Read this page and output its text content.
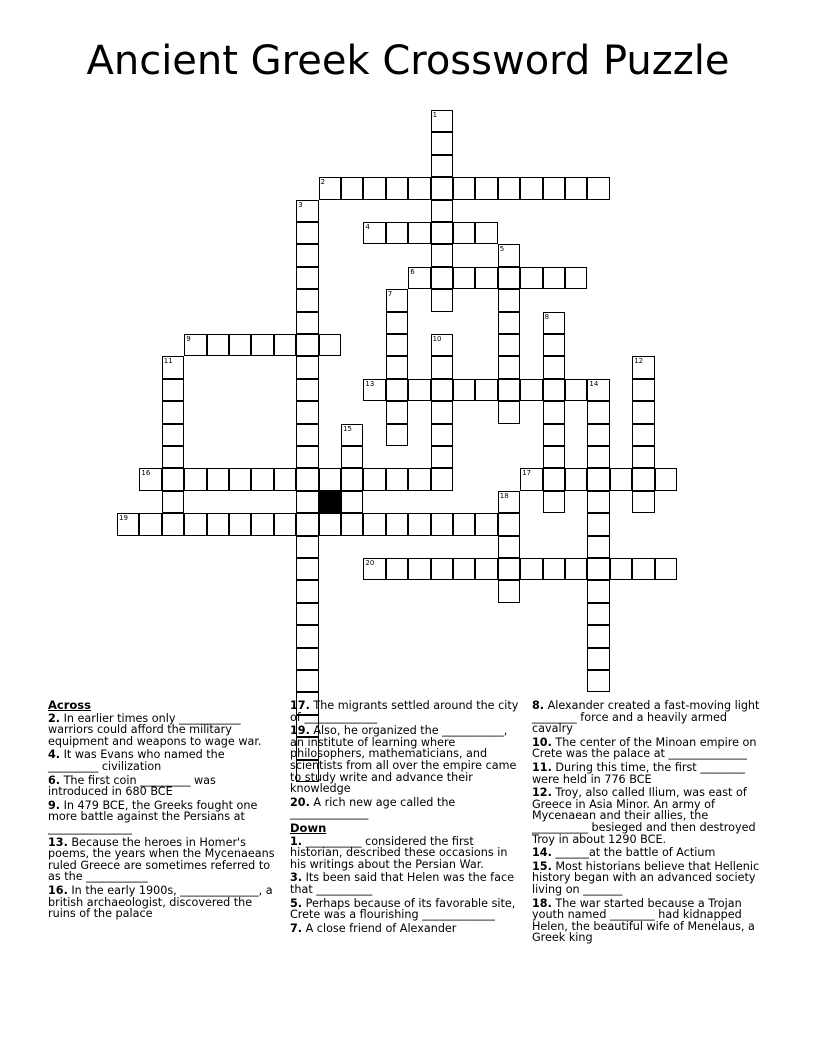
Ancient Greek Crossword Puzzle
1
2
3
4
5
6
7
8
9	10
11	12
13	14
15
16	17
18
19
20
Across
2. In earlier times only ___________ warriors could afford the military equipment and weapons to wage war.
4. It was Evans who named the _________ civilization
6. The first coin _________ was introduced in 680 BCE
9. In 479 BCE, the Greeks fought one more battle against the Persians at _______________
13. Because the heroes in Homer's poems, the years when the Mycenaeans ruled Greece are sometimes referred to as the ___________
16. In the early 1900s, ______________, a british archaeologist, discovered the ruins of the palace
17. The migrants settled around the city of _____________
19. Also, he organized the ___________, an institute of learning where philosophers, mathematicians, and scientists from all over the empire came to study write and advance their knowledge
20. A rich new age called the ______________
Down
1. __________ considered the first historian, described these occasions in his writings about the Persian War.
3. Its been said that Helen was the face that __________
5. Perhaps because of its favorable site, Crete was a flourishing _____________
7. A close friend of Alexander
8. Alexander created a fast-moving light ________ force and a heavily armed cavalry
10. The center of the Minoan empire on Crete was the palace at ______________
11. During this time, the first ________ were held in 776 BCE
12. Troy, also called Ilium, was east of Greece in Asia Minor. An army of Mycenaean and their allies, the __________ besieged and then destroyed Troy in about 1290 BCE.
14. ______at the battle of Actium
15. Most historians believe that Hellenic history began with an advanced society living on _______
18. The war started because a Trojan youth named ________ had kidnapped Helen, the beautiful wife of Menelaus, a Greek king
